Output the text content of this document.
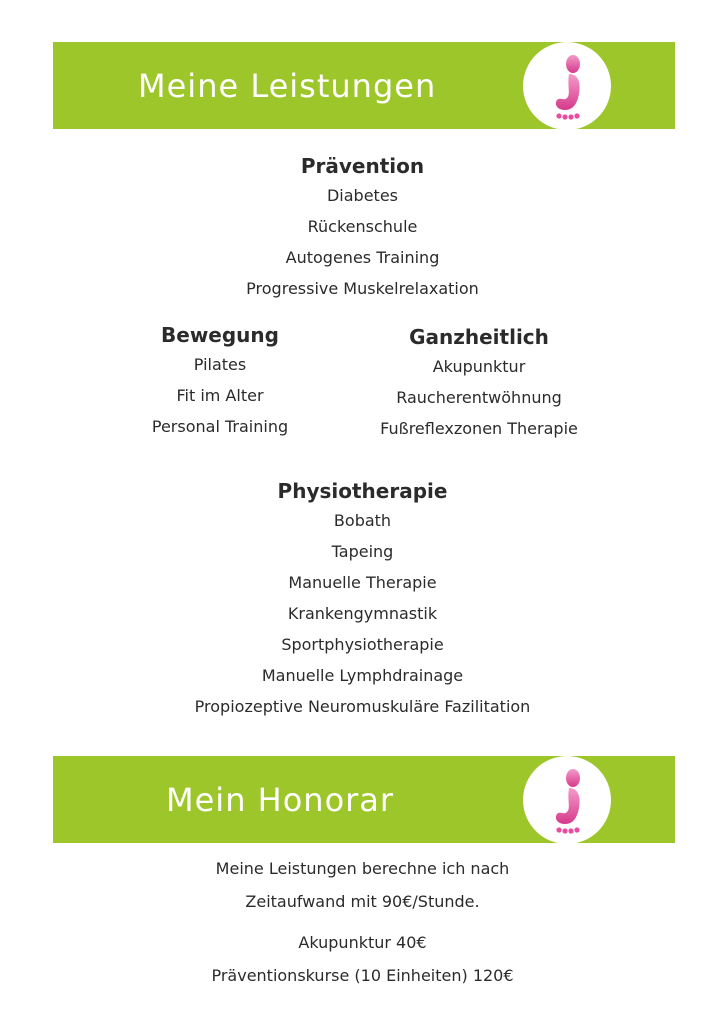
Meine Leistungen
Prävention
Diabetes
Rückenschule
Autogenes Training
Progressive Muskelrelaxation
Bewegung
Pilates
Fit im Alter
Personal Training
Ganzheitlich
Akupunktur
Raucherentwöhnung
Fußreflexzonen Therapie
Physiotherapie
Bobath
Tapeing
Manuelle Therapie
Krankengymnastik
Sportphysiotherapie
Manuelle Lymphdrainage
Propiozeptive Neuromuskuläre Fazilitation
Mein Honorar
Meine Leistungen berechne ich nach
Zeitaufwand mit 90€/Stunde.
Akupunktur 40€
Präventionskurse (10 Einheiten) 120€
